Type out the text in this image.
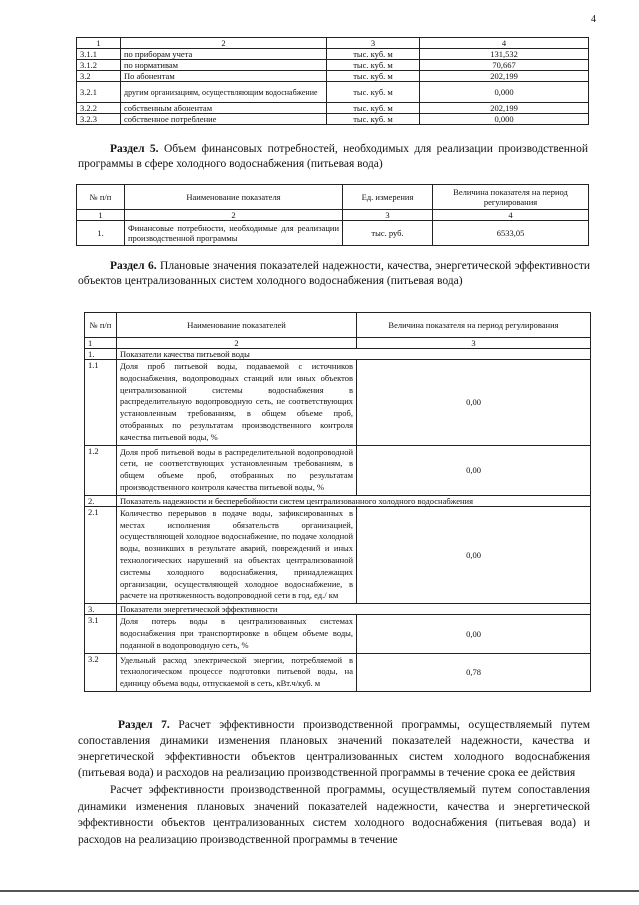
4
1	2	3	4
3.1.1	по приборам учета	тыс. куб. м	131,532
3.1.2	по нормативам	тыс. куб. м	70,667
3.2	По абонентам	тыс. куб. м	202,199
3.2.1	другим организациям, осуществляющим водоснабжение	тыс. куб. м	0,000
3.2.2	собственным абонентам	тыс. куб. м	202,199
3.2.3	собственное потребление	тыс. куб. м	0,000
Раздел 5. Объем финансовых потребностей, необходимых для реализации производственной программы в сфере холодного водоснабжения (питьевая вода)
№ п/п	Наименование показателя	Ед. измерения	Величина показателя на период регулирования
1	2	3	4
1.	Финансовые потребности, необходимые для реализации производственной программы	тыс. руб.	6533,05
Раздел 6. Плановые значения показателей надежности, качества, энергетической эффективности объектов централизованных систем холодного водоснабжения (питьевая вода)
№ п/п	Наименование показателей	Величина показателя на период регулирования
1	2	3
1.	Показатели качества питьевой воды	
1.1	Доля проб питьевой воды, подаваемой с источников водоснабжения, водопроводных станций или иных объектов централизованной системы водоснабжения в распределительную водопроводную сеть, не соответствующих установленным требованиям, в общем объеме проб, отобранных по результатам производственного контроля качества питьевой воды, %	0,00
1.2	Доля проб питьевой воды в распределительной водопроводной сети, не соответствующих установленным требованиям, в общем объеме проб, отобранных по результатам производственного контроля качества питьевой воды, %	0,00
2.	Показатель надежности и бесперебойности систем централизованного холодного водоснабжения	
2.1	Количество перерывов в подаче воды, зафиксированных в местах исполнения обязательств организацией, осуществляющей холодное водоснабжение, по подаче холодной воды, возникших в результате аварий, повреждений и иных технологических нарушений на объектах централизованной системы холодного водоснабжения, принадлежащих организации, осуществляющей холодное водоснабжение, в расчете на протяженность водопроводной сети в год, ед./ км	0,00
3.	Показатели энергетической эффективности	
3.1	Доля потерь воды в централизованных системах водоснабжения при транспортировке в общем объеме воды, поданной в водопроводную сеть, %	0,00
3.2	Удельный расход электрической энергии, потребляемой в технологическом процессе подготовки питьевой воды, на единицу объема воды, отпускаемой в сеть, кВт.ч/куб. м	0,78
Раздел 7. Расчет эффективности производственной программы, осуществляемый путем сопоставления динамики изменения плановых значений показателей надежности, качества и энергетической эффективности объектов централизованных систем холодного водоснабжения (питьевая вода) и расходов на реализацию производственной программы в течение срока ее действия
Расчет эффективности производственной программы, осуществляемый путем сопоставления динамики изменения плановых значений показателей надежности, качества и энергетической эффективности объектов централизованных систем холодного водоснабжения (питьевая вода) и расходов на реализацию производственной программы в течение
